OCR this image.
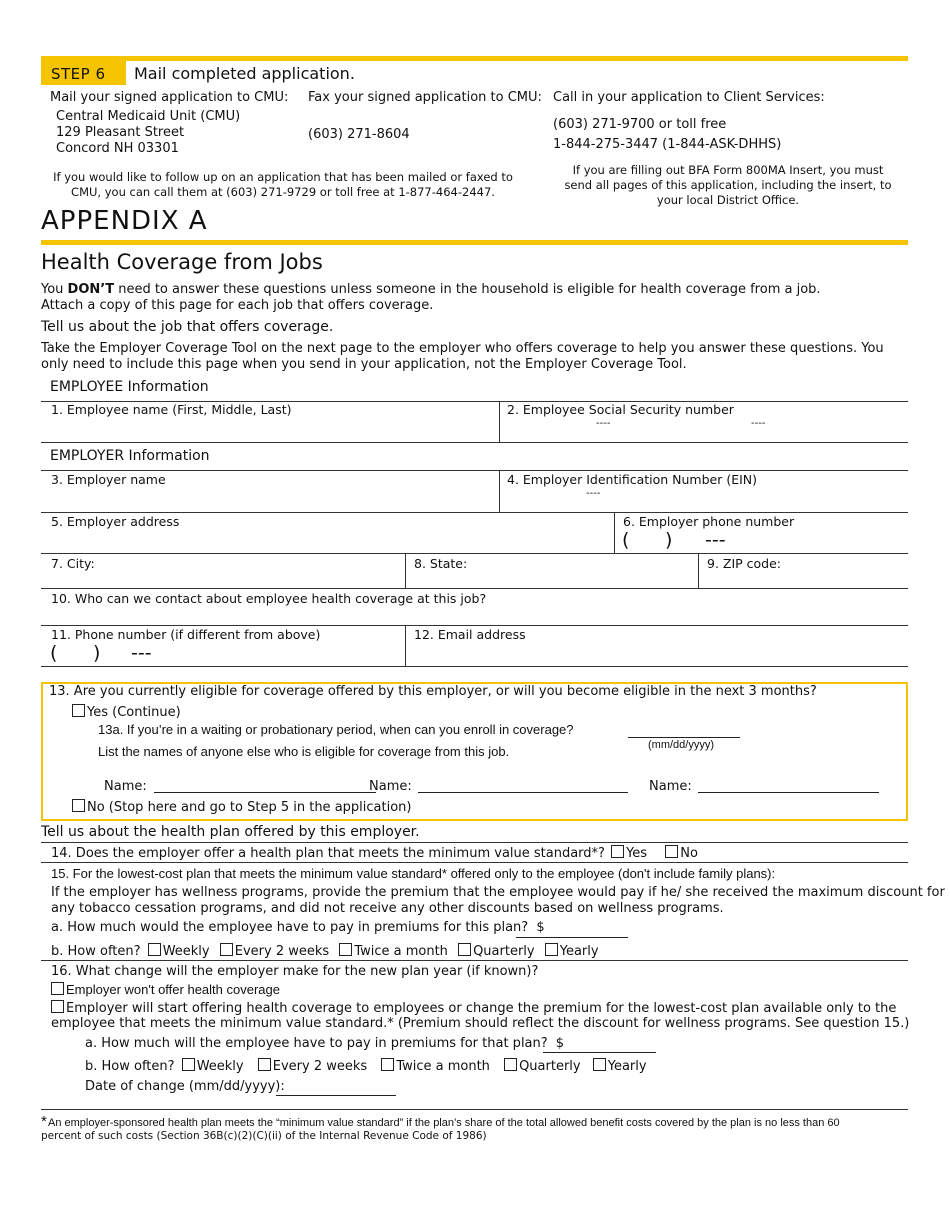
STEP 6 Mail completed application.
Mail your signed application to CMU:
Central Medicaid Unit (CMU)
129 Pleasant Street
Concord NH 03301
Fax your signed application to CMU:
(603) 271-8604
Call in your application to Client Services:
(603) 271-9700 or toll free
1-844-275-3447 (1-844-ASK-DHHS)
If you would like to follow up on an application that has been mailed or faxed to
CMU, you can call them at (603) 271-9729 or toll free at 1-877-464-2447.
If you are filling out BFA Form 800MA Insert, you must
send all pages of this application, including the insert, to
your local District Office.
APPENDIX A
Health Coverage from Jobs
You DON’T need to answer these questions unless someone in the household is eligible for health coverage from a job.
Attach a copy of this page for each job that offers coverage.
Tell us about the job that offers coverage.
Take the Employer Coverage Tool on the next page to the employer who offers coverage to help you answer these questions. You
only need to include this page when you send in your application, not the Employer Coverage Tool.
EMPLOYEE Information
1. Employee name (First, Middle, Last)	2. Employee Social Security number
----	----
EMPLOYER Information
3. Employer name	4. Employer Identification Number (EIN)
----
5. Employer address	6. Employer phone number
( ) ---
7. City:	8. State:	9. ZIP code:
10. Who can we contact about employee health coverage at this job?
11. Phone number (if different from above)
( ) ---
12. Email address
13. Are you currently eligible for coverage offered by this employer, or will you become eligible in the next 3 months?
Yes (Continue)
13a. If you’re in a waiting or probationary period, when can you enroll in coverage?
(mm/dd/yyyy)
List the names of anyone else who is eligible for coverage from this job.
Name:	Name:	Name:
No (Stop here and go to Step 5 in the application)
Tell us about the health plan offered by this employer.
14. Does the employer offer a health plan that meets the minimum value standard*? Yes	No
15. For the lowest-cost plan that meets the minimum value standard* offered only to the employee (don't include family plans):
If the employer has wellness programs, provide the premium that the employee would pay if he/ she received the maximum discount for
any tobacco cessation programs, and did not receive any other discounts based on wellness programs.
a. How much would the employee have to pay in premiums for this plan? $
b. How often? Weekly Every 2 weeks Twice a month Quarterly Yearly
16. What change will the employer make for the new plan year (if known)?
Employer won't offer health coverage
Employer will start offering health coverage to employees or change the premium for the lowest-cost plan available only to the
employee that meets the minimum value standard.* (Premium should reflect the discount for wellness programs. See question 15.)
a. How much will the employee have to pay in premiums for that plan? $
b. How often? Weekly Every 2 weeks Twice a month Quarterly Yearly
Date of change (mm/dd/yyyy):
* An employer-sponsored health plan meets the “minimum value standard” if the plan’s share of the total allowed benefit costs covered by the plan is no less than 60
percent of such costs (Section 36B(c)(2)(C)(ii) of the Internal Revenue Code of 1986)
